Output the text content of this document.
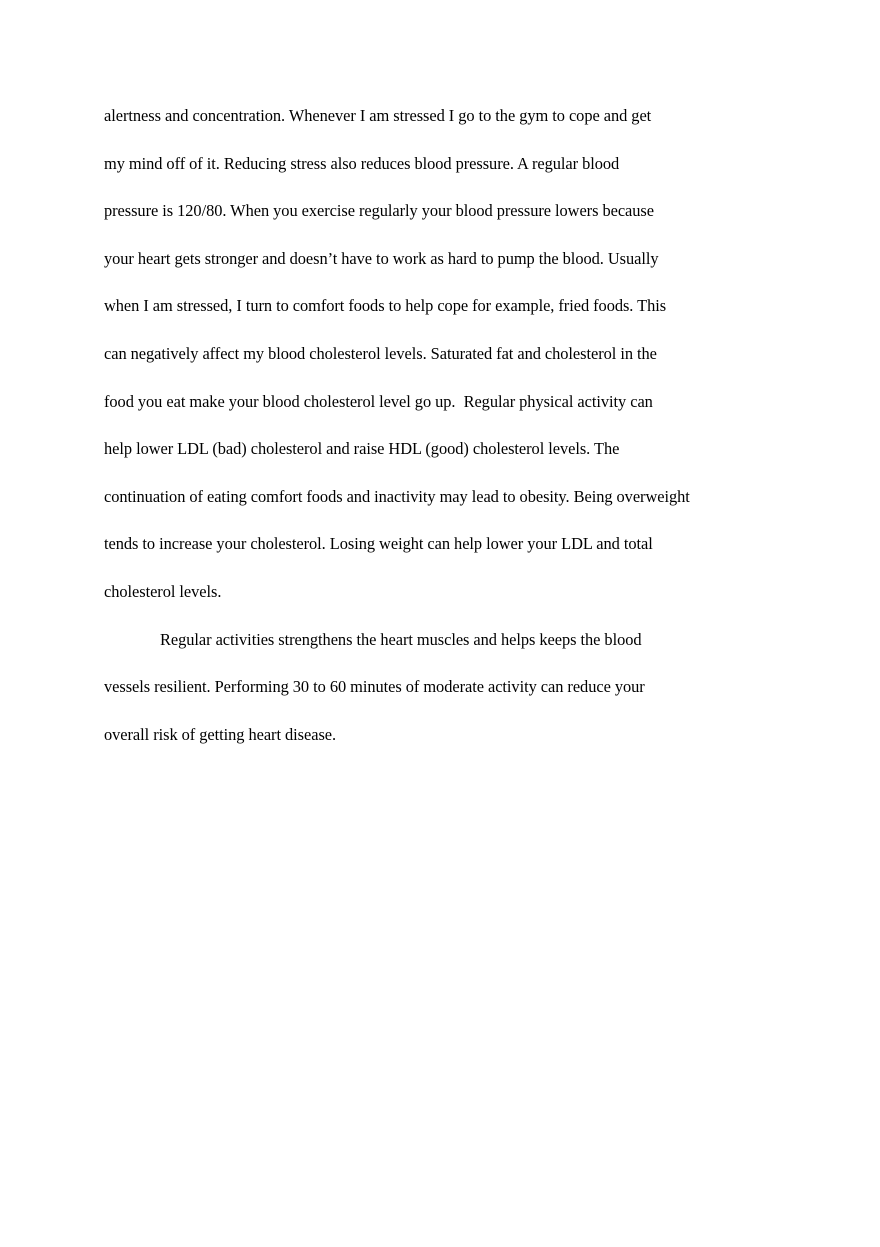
alertness and concentration. Whenever I am stressed I go to the gym to cope and get
my mind off of it. Reducing stress also reduces blood pressure. A regular blood
pressure is 120/80. When you exercise regularly your blood pressure lowers because
your heart gets stronger and doesn’t have to work as hard to pump the blood. Usually
when I am stressed, I turn to comfort foods to help cope for example, fried foods. This
can negatively affect my blood cholesterol levels. Saturated fat and cholesterol in the
food you eat make your blood cholesterol level go up.  Regular physical activity can
help lower LDL (bad) cholesterol and raise HDL (good) cholesterol levels. The
continuation of eating comfort foods and inactivity may lead to obesity. Being overweight
tends to increase your cholesterol. Losing weight can help lower your LDL and total
cholesterol levels.
Regular activities strengthens the heart muscles and helps keeps the blood
vessels resilient. Performing 30 to 60 minutes of moderate activity can reduce your
overall risk of getting heart disease.
